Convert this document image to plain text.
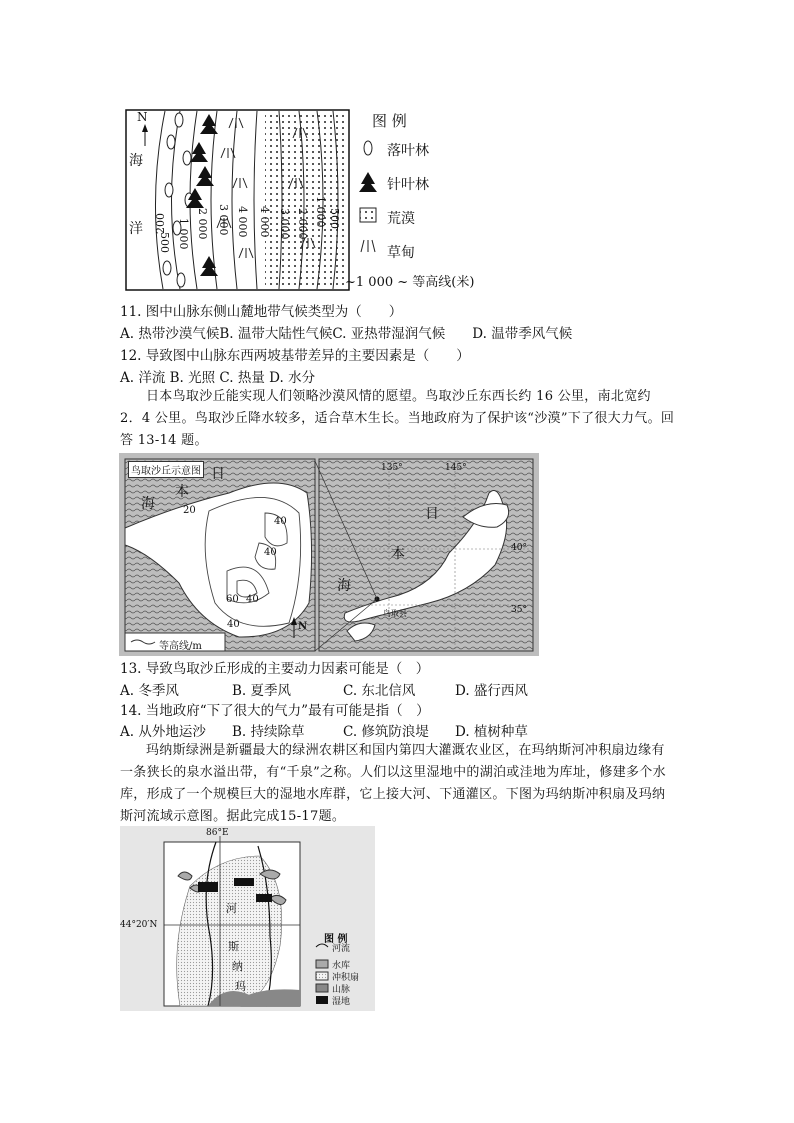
N
海
洋 200
500 1 000 2 000 3 000 4 000 4 000 3 000 2 000 1 000 500
图 例
落叶林
针叶林
荒漠
草甸
~1 000 ~ 等高线(米)
11. 图中山脉东侧山麓地带气候类型为（　　）
A. 热带沙漠气候B. 温带大陆性气候C. 亚热带湿润气候　　D. 温带季风气候
12. 导致图中山脉东西两坡基带差异的主要因素是（　　）
A. 洋流 B. 光照 C. 热量 D. 水分
日本鸟取沙丘能实现人们领略沙漠风情的愿望。鸟取沙丘东西长约 16 公里，南北宽约 2．4 公里。鸟取沙丘降水较多，适合草木生长。当地政府为了保护该“沙漠”下了很大力气。回答 13-14 题。
鸟取沙丘示意图 日
本
海	20
40
40
60 40
40
等高线/m
N
135°	145°
40°
35°
日
本
海
鸟取县
13. 导致鸟取沙丘形成的主要动力因素可能是（　）
A. 冬季风	B. 夏季风	C. 东北信风	D. 盛行西风
14. 当地政府“下了很大的气力”最有可能是指（　）
A. 从外地运沙 B. 持续除草	C. 修筑防浪堤 D. 植树种草
玛纳斯绿洲是新疆最大的绿洲农耕区和国内第四大灌溉农业区，在玛纳斯河冲积扇边缘有一条狭长的泉水溢出带，有“千泉”之称。人们以这里湿地中的湖泊或洼地为库址，修建多个水库，形成了一个规模巨大的湿地水库群，它上接大河、下通灌区。下图为玛纳斯冲积扇及玛纳斯河流域示意图。据此完成15-17题。
86°E
44°20′N
河
斯
纳
玛
图 例
河流
水库
冲积扇
山脉
湿地
